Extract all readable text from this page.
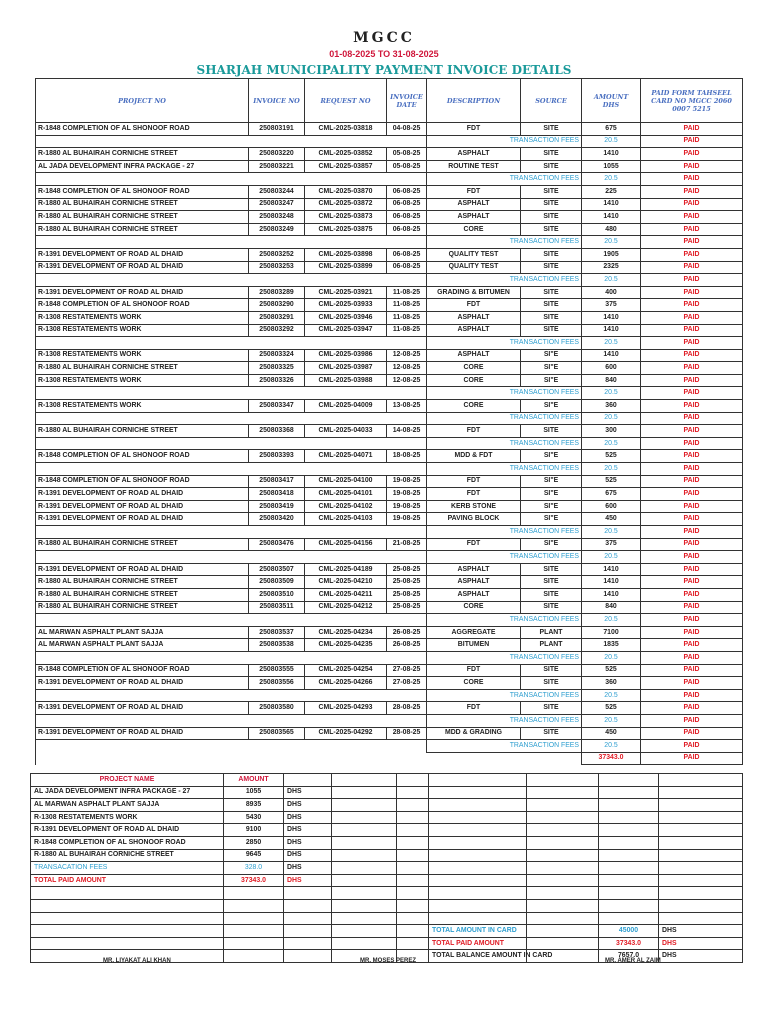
MGCC
01-08-2025 TO 31-08-2025
SHARJAH MUNICIPALITY PAYMENT INVOICE DETAILS
PROJECT NO	INVOICE NO	REQUEST NO	INVOICE DATE	DESCRIPTION	SOURCE	AMOUNT DHS	PAID FORM TAHSEEL CARD NO MGCC 2060 0007 5215
R-1848 COMPLETION OF AL SHONOOF ROAD	250803191	CML-2025-03818	04-08-25	FDT	SITE	675	PAID
				TRANSACTION FEES		20.5	PAID
R-1880 AL BUHAIRAH CORNICHE STREET	250803220	CML-2025-03852	05-08-25	ASPHALT	SITE	1410	PAID
AL JADA DEVELOPMENT INFRA PACKAGE - 27	250803221	CML-2025-03857	05-08-25	ROUTINE TEST	SITE	1055	PAID
				TRANSACTION FEES		20.5	PAID
R-1848 COMPLETION OF AL SHONOOF ROAD	250803244	CML-2025-03870	06-08-25	FDT	SITE	225	PAID
R-1880 AL BUHAIRAH CORNICHE STREET	250803247	CML-2025-03872	06-08-25	ASPHALT	SITE	1410	PAID
R-1880 AL BUHAIRAH CORNICHE STREET	250803248	CML-2025-03873	06-08-25	ASPHALT	SITE	1410	PAID
R-1880 AL BUHAIRAH CORNICHE STREET	250803249	CML-2025-03875	06-08-25	CORE	SITE	480	PAID
				TRANSACTION FEES		20.5	PAID
R-1391 DEVELOPMENT OF ROAD AL DHAID	250803252	CML-2025-03898	06-08-25	QUALITY TEST	SITE	1905	PAID
R-1391 DEVELOPMENT OF ROAD AL DHAID	250803253	CML-2025-03899	06-08-25	QUALITY TEST	SITE	2325	PAID
				TRANSACTION FEES		20.5	PAID
R-1391 DEVELOPMENT OF ROAD AL DHAID	250803289	CML-2025-03921	11-08-25	GRADING & BITUMEN	SITE	400	PAID
R-1848 COMPLETION OF AL SHONOOF ROAD	250803290	CML-2025-03933	11-08-25	FDT	SITE	375	PAID
R-1308 RESTATEMENTS WORK	250803291	CML-2025-03946	11-08-25	ASPHALT	SITE	1410	PAID
R-1308 RESTATEMENTS WORK	250803292	CML-2025-03947	11-08-25	ASPHALT	SITE	1410	PAID
				TRANSACTION FEES		20.5	PAID
R-1308 RESTATEMENTS WORK	250803324	CML-2025-03986	12-08-25	ASPHALT	SI"E	1410	PAID
R-1880 AL BUHAIRAH CORNICHE STREET	250803325	CML-2025-03987	12-08-25	CORE	SI"E	600	PAID
R-1308 RESTATEMENTS WORK	250803326	CML-2025-03988	12-08-25	CORE	SI"E	840	PAID
				TRANSACTION FEES		20.5	PAID
R-1308 RESTATEMENTS WORK	250803347	CML-2025-04009	13-08-25	CORE	SI"E	360	PAID
				TRANSACTION FEES		20.5	PAID
R-1880 AL BUHAIRAH CORNICHE STREET	250803368	CML-2025-04033	14-08-25	FDT	SITE	300	PAID
				TRANSACTION FEES		20.5	PAID
R-1848 COMPLETION OF AL SHONOOF ROAD	250803393	CML-2025-04071	18-08-25	MDD & FDT	SI"E	525	PAID
				TRANSACTION FEES		20.5	PAID
R-1848 COMPLETION OF AL SHONOOF ROAD	250803417	CML-2025-04100	19-08-25	FDT	SI"E	525	PAID
R-1391 DEVELOPMENT OF ROAD AL DHAID	250803418	CML-2025-04101	19-08-25	FDT	SI"E	675	PAID
R-1391 DEVELOPMENT OF ROAD AL DHAID	250803419	CML-2025-04102	19-08-25	KERB STONE	SI"E	600	PAID
R-1391 DEVELOPMENT OF ROAD AL DHAID	250803420	CML-2025-04103	19-08-25	PAVING BLOCK	SI"E	450	PAID
				TRANSACTION FEES		20.5	PAID
R-1880 AL BUHAIRAH CORNICHE STREET	250803476	CML-2025-04156	21-08-25	FDT	SI"E	375	PAID
				TRANSACTION FEES		20.5	PAID
R-1391 DEVELOPMENT OF ROAD AL DHAID	250803507	CML-2025-04189	25-08-25	ASPHALT	SITE	1410	PAID
R-1880 AL BUHAIRAH CORNICHE STREET	250803509	CML-2025-04210	25-08-25	ASPHALT	SITE	1410	PAID
R-1880 AL BUHAIRAH CORNICHE STREET	250803510	CML-2025-04211	25-08-25	ASPHALT	SITE	1410	PAID
R-1880 AL BUHAIRAH CORNICHE STREET	250803511	CML-2025-04212	25-08-25	CORE	SITE	840	PAID
				TRANSACTION FEES		20.5	PAID
AL MARWAN ASPHALT PLANT SAJJA	250803537	CML-2025-04234	26-08-25	AGGREGATE	PLANT	7100	PAID
AL MARWAN ASPHALT PLANT SAJJA	250803538	CML-2025-04235	26-08-25	BITUMEN	PLANT	1835	PAID
				TRANSACTION FEES		20.5	PAID
R-1848 COMPLETION OF AL SHONOOF ROAD	250803555	CML-2025-04254	27-08-25	FDT	SITE	525	PAID
R-1391 DEVELOPMENT OF ROAD AL DHAID	250803556	CML-2025-04266	27-08-25	CORE	SITE	360	PAID
				TRANSACTION FEES		20.5	PAID
R-1391 DEVELOPMENT OF ROAD AL DHAID	250803580	CML-2025-04293	28-08-25	FDT	SITE	525	PAID
				TRANSACTION FEES		20.5	PAID
R-1391 DEVELOPMENT OF ROAD AL DHAID	250803565	CML-2025-04292	28-08-25	MDD & GRADING	SITE	450	PAID
				TRANSACTION FEES		20.5	PAID
						37343.0	PAID
PROJECT NAME	AMOUNT							
AL JADA DEVELOPMENT INFRA PACKAGE - 27	1055	DHS						
AL MARWAN ASPHALT PLANT SAJJA	8935	DHS						
R-1308 RESTATEMENTS WORK	5430	DHS						
R-1391 DEVELOPMENT OF ROAD AL DHAID	9100	DHS						
R-1848 COMPLETION OF AL SHONOOF ROAD	2850	DHS						
R-1880 AL BUHAIRAH CORNICHE STREET	9645	DHS						
TRANSACATION FEES	328.0	DHS						
TOTAL PAID AMOUNT	37343.0	DHS						

					TOTAL AMOUNT IN CARD		45000	DHS
					TOTAL PAID AMOUNT		37343.0	DHS
					TOTAL BALANCE AMOUNT IN CARD		7657.0	DHS
MR. LIYAKAT ALI KHAN	MR. MOSES PEREZ	MR. AMER AL ZAIM
